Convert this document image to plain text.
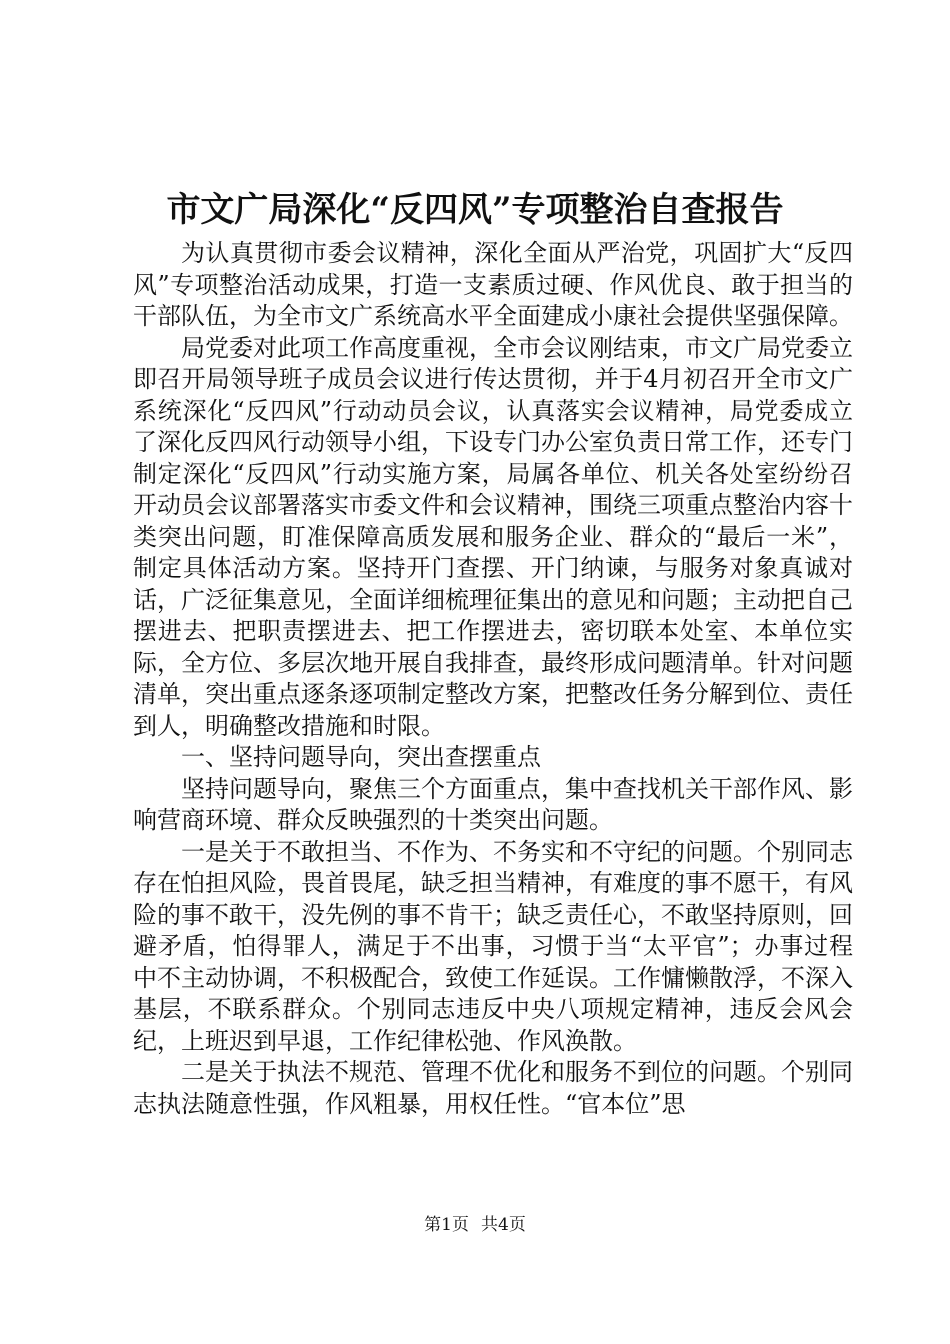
市文广局深化“反四风”专项整治自查报告

为认真贯彻市委会议精神，深化全面从严治党，巩固扩大“反四风”专项整治活动成果，打造一支素质过硬、作风优良、敢于担当的干部队伍，为全市文广系统高水平全面建成小康社会提供坚强保障。

局党委对此项工作高度重视，全市会议刚结束，市文广局党委立即召开局领导班子成员会议进行传达贯彻，并于4月初召开全市文广系统深化“反四风”行动动员会议，认真落实会议精神，局党委成立了深化反四风行动领导小组，下设专门办公室负责日常工作，还专门制定深化“反四风”行动实施方案，局属各单位、机关各处室纷纷召开动员会议部署落实市委文件和会议精神，围绕三项重点整治内容十类突出问题，盯准保障高质发展和服务企业、群众的“最后一米”，制定具体活动方案。坚持开门查摆、开门纳谏，与服务对象真诚对话，广泛征集意见，全面详细梳理征集出的意见和问题；主动把自己摆进去、把职责摆进去、把工作摆进去，密切联本处室、本单位实际，全方位、多层次地开展自我排查，最终形成问题清单。针对问题清单，突出重点逐条逐项制定整改方案，把整改任务分解到位、责任到人，明确整改措施和时限。

一、坚持问题导向，突出查摆重点

坚持问题导向，聚焦三个方面重点，集中查找机关干部作风、影响营商环境、群众反映强烈的十类突出问题。

一是关于不敢担当、不作为、不务实和不守纪的问题。个别同志存在怕担风险，畏首畏尾，缺乏担当精神，有难度的事不愿干，有风险的事不敢干，没先例的事不肯干；缺乏责任心，不敢坚持原则，回避矛盾，怕得罪人，满足于不出事，习惯于当“太平官”；办事过程中不主动协调，不积极配合，致使工作延误。工作慵懒散浮，不深入基层，不联系群众。个别同志违反中央八项规定精神，违反会风会纪，上班迟到早退，工作纪律松弛、作风涣散。

二是关于执法不规范、管理不优化和服务不到位的问题。个别同志执法随意性强，作风粗暴，用权任性。“官本位”思

第1页 共4页
